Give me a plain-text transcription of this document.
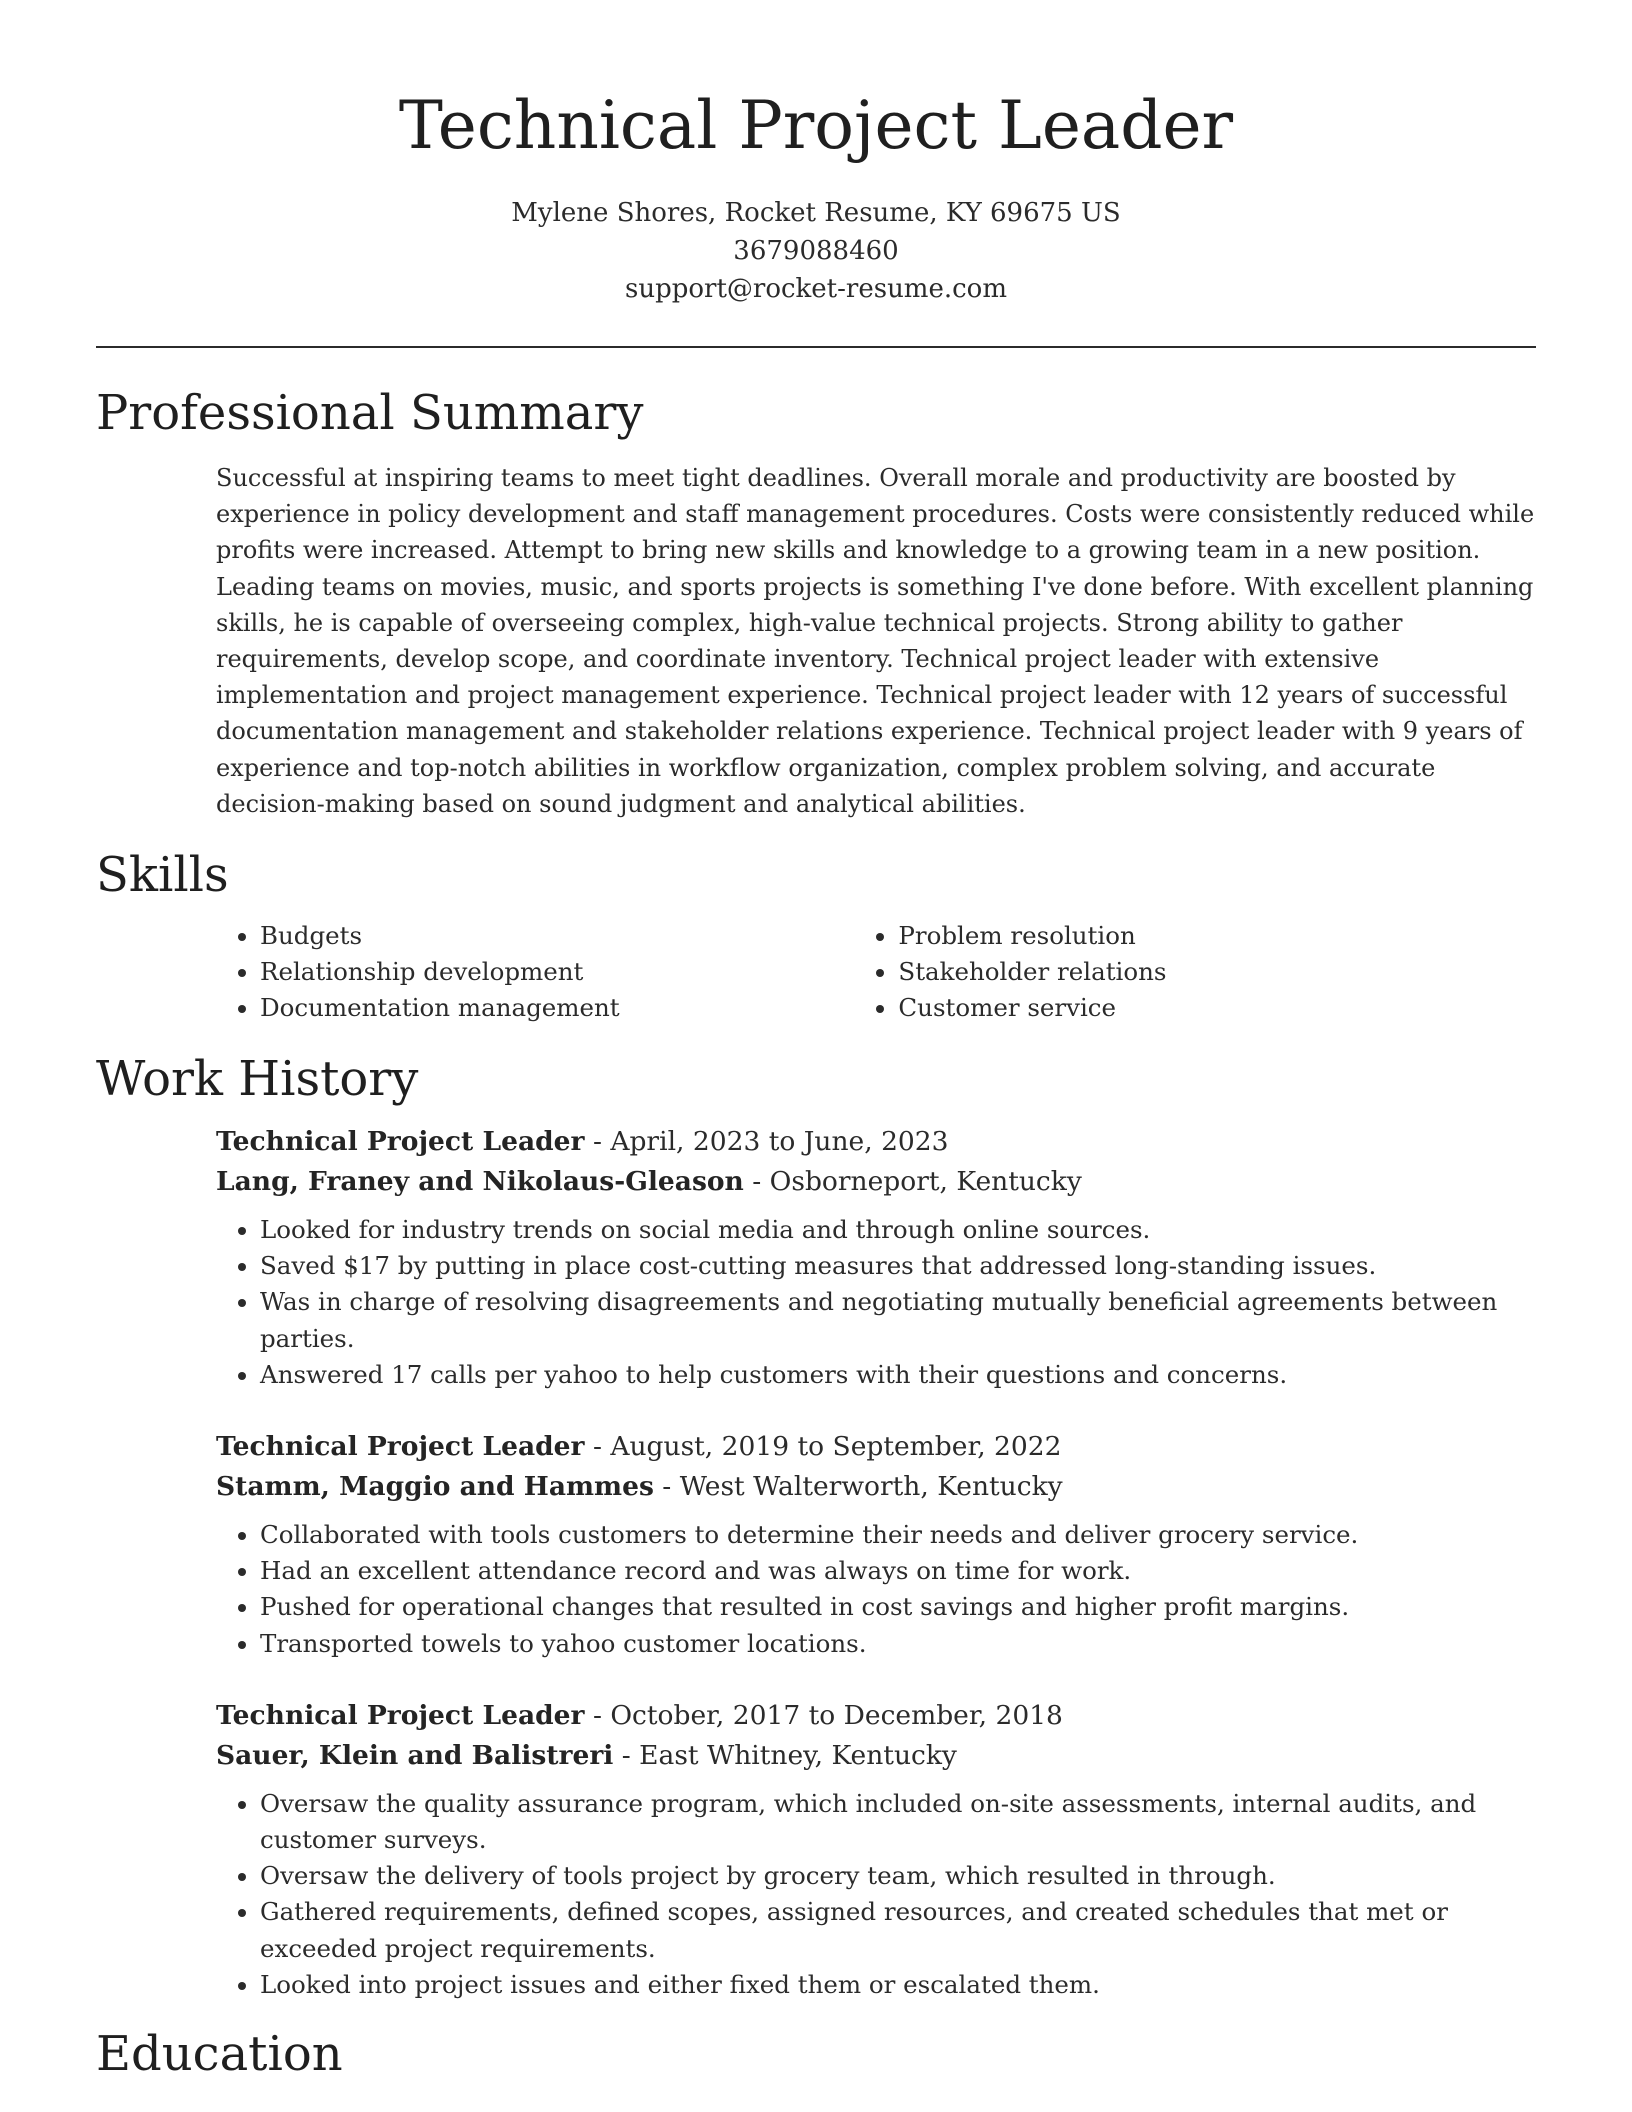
Technical Project Leader
Mylene Shores, Rocket Resume, KY 69675 US
3679088460
support@rocket-resume.com
Professional Summary

Successful at inspiring teams to meet tight deadlines. Overall morale and productivity are boosted by experience in policy development and staff management procedures. Costs were consistently reduced while profits were increased. Attempt to bring new skills and knowledge to a growing team in a new position. Leading teams on movies, music, and sports projects is something I've done before. With excellent planning skills, he is capable of overseeing complex, high-value technical projects. Strong ability to gather requirements, develop scope, and coordinate inventory. Technical project leader with extensive implementation and project management experience. Technical project leader with 12 years of successful documentation management and stakeholder relations experience. Technical project leader with 9 years of experience and top-notch abilities in workflow organization, complex problem solving, and accurate decision-making based on sound judgment and analytical abilities.

Skills
• Budgets
• Relationship development
• Documentation management
• Problem resolution
• Stakeholder relations
• Customer service
Work History
Technical Project Leader - April, 2023 to June, 2023
Lang, Franey and Nikolaus-Gleason - Osborneport, Kentucky
• Looked for industry trends on social media and through online sources.
• Saved $17 by putting in place cost-cutting measures that addressed long-standing issues.
• Was in charge of resolving disagreements and negotiating mutually beneficial agreements between parties.
• Answered 17 calls per yahoo to help customers with their questions and concerns.
Technical Project Leader - August, 2019 to September, 2022
Stamm, Maggio and Hammes - West Walterworth, Kentucky
• Collaborated with tools customers to determine their needs and deliver grocery service.
• Had an excellent attendance record and was always on time for work.
• Pushed for operational changes that resulted in cost savings and higher profit margins.
• Transported towels to yahoo customer locations.
Technical Project Leader - October, 2017 to December, 2018
Sauer, Klein and Balistreri - East Whitney, Kentucky
• Oversaw the quality assurance program, which included on-site assessments, internal audits, and customer surveys.
• Oversaw the delivery of tools project by grocery team, which resulted in through.
• Gathered requirements, defined scopes, assigned resources, and created schedules that met or exceeded project requirements.
• Looked into project issues and either fixed them or escalated them.
Education
